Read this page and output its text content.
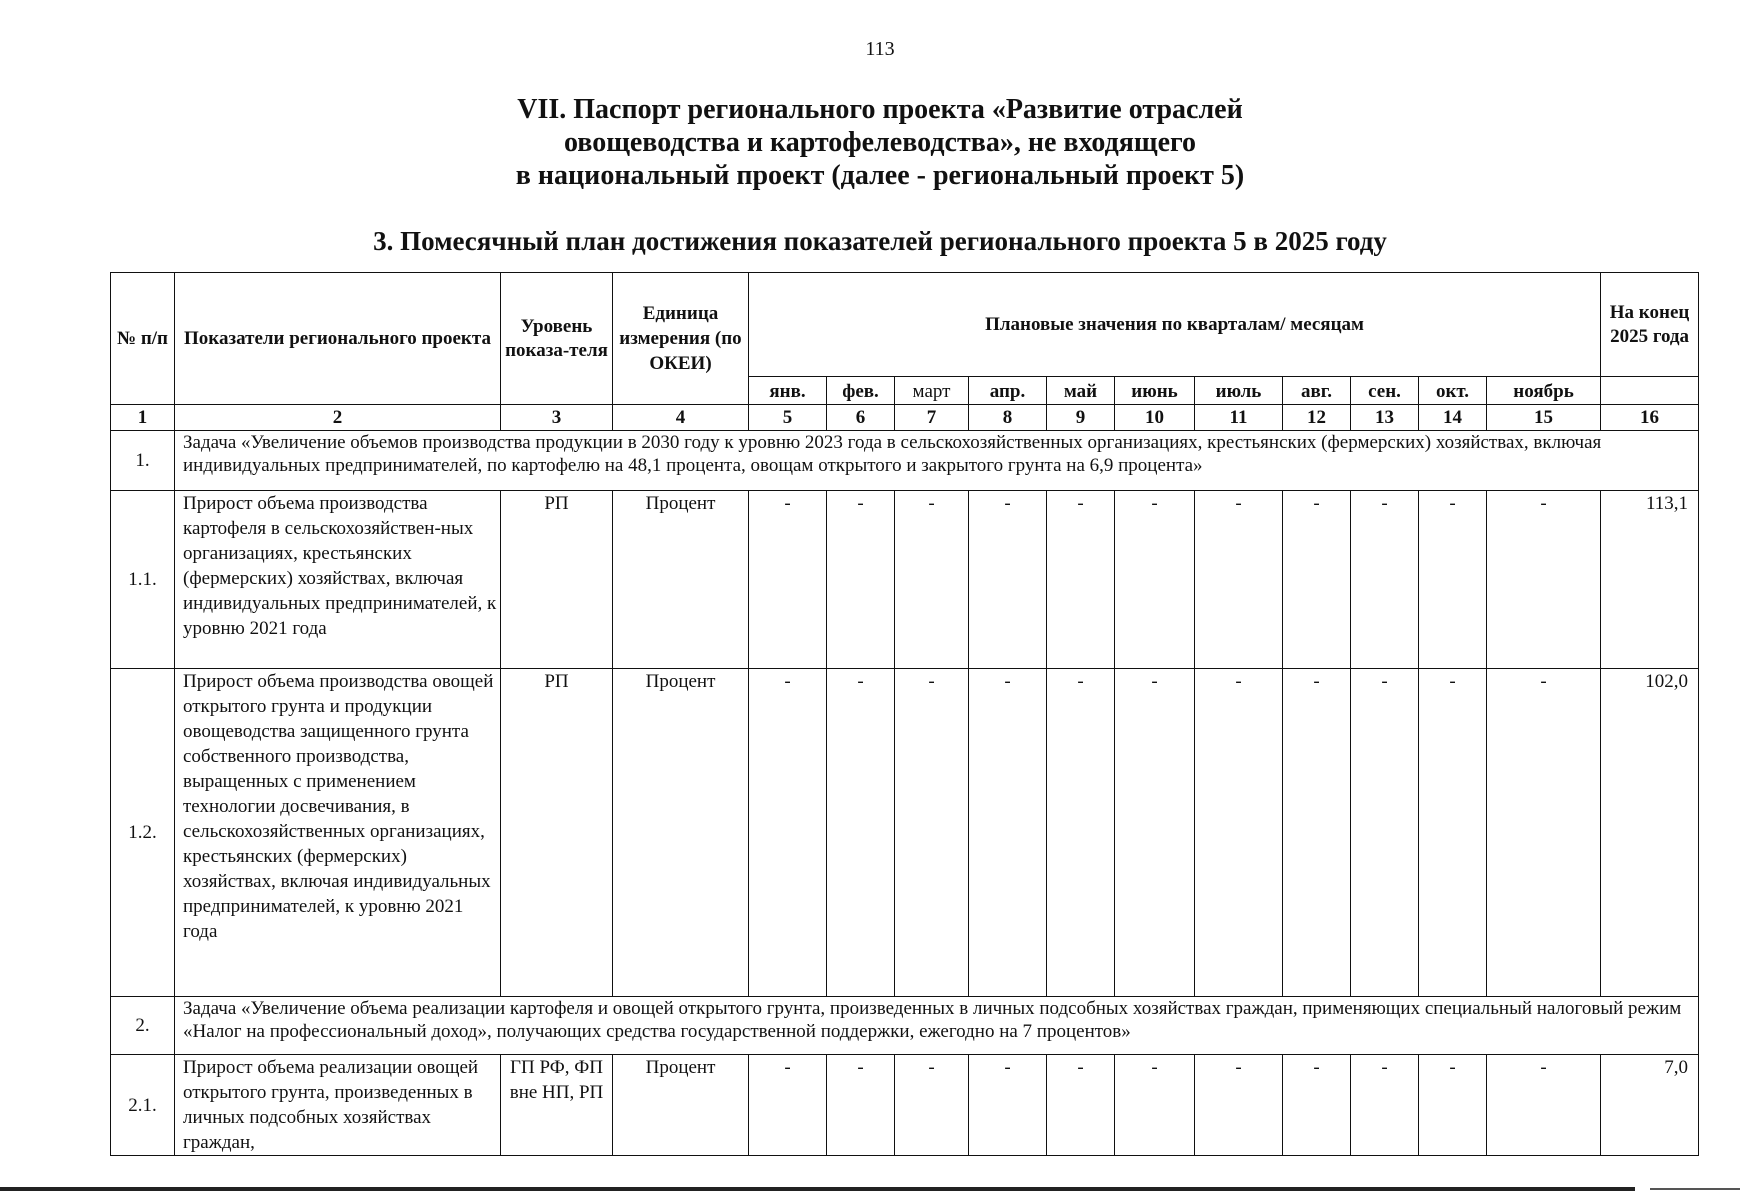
113
VII. Паспорт регионального проекта «Развитие отраслей
овощеводства и картофелеводства», не входящего
в национальный проект (далее - региональный проект 5)
3. Помесячный план достижения показателей регионального проекта 5 в 2025 году
№ п/п	Показатели регионального проекта	Уровень показа-теля	Единица измерения (по ОКЕИ)	Плановые значения по кварталам/ месяцам											На конец 2025 года
				янв.	фев.	март	апр.	май	июнь	июль	авг.	сен.	окт.	ноябрь	
1	2	3	4	5	6	7	8	9	10	11	12	13	14	15	16
1.	Задача «Увеличение объемов производства продукции в 2030 году к уровню 2023 года в сельскохозяйственных организациях, крестьянских (фермерских) хозяйствах, включая индивидуальных предпринимателей, по картофелю на 48,1 процента, овощам открытого и закрытого грунта на 6,9 процента»														
1.1.	Прирост объема производства картофеля в сельскохозяйствен-ных организациях, крестьянских (фермерских) хозяйствах, включая индивидуальных предпринимателей, к уровню 2021 года	РП	Процент	-	-	-	-	-	-	-	-	-	-	-	113,1
1.2.	Прирост объема производства овощей открытого грунта и продукции овощеводства защищенного грунта собственного производства, выращенных с применением технологии досвечивания, в сельскохозяйственных организациях, крестьянских (фермерских) хозяйствах, включая индивидуальных предпринимателей, к уровню 2021 года	РП	Процент	-	-	-	-	-	-	-	-	-	-	-	102,0
2.	Задача «Увеличение объема реализации картофеля и овощей открытого грунта, произведенных в личных подсобных хозяйствах граждан, применяющих специальный налоговый режим «Налог на профессиональный доход», получающих средства государственной поддержки, ежегодно на 7 процентов»														
2.1.	Прирост объема реализации овощей открытого грунта, произведенных в личных подсобных хозяйствах граждан,	ГП РФ, ФП вне НП, РП	Процент	-	-	-	-	-	-	-	-	-	-	-	7,0
